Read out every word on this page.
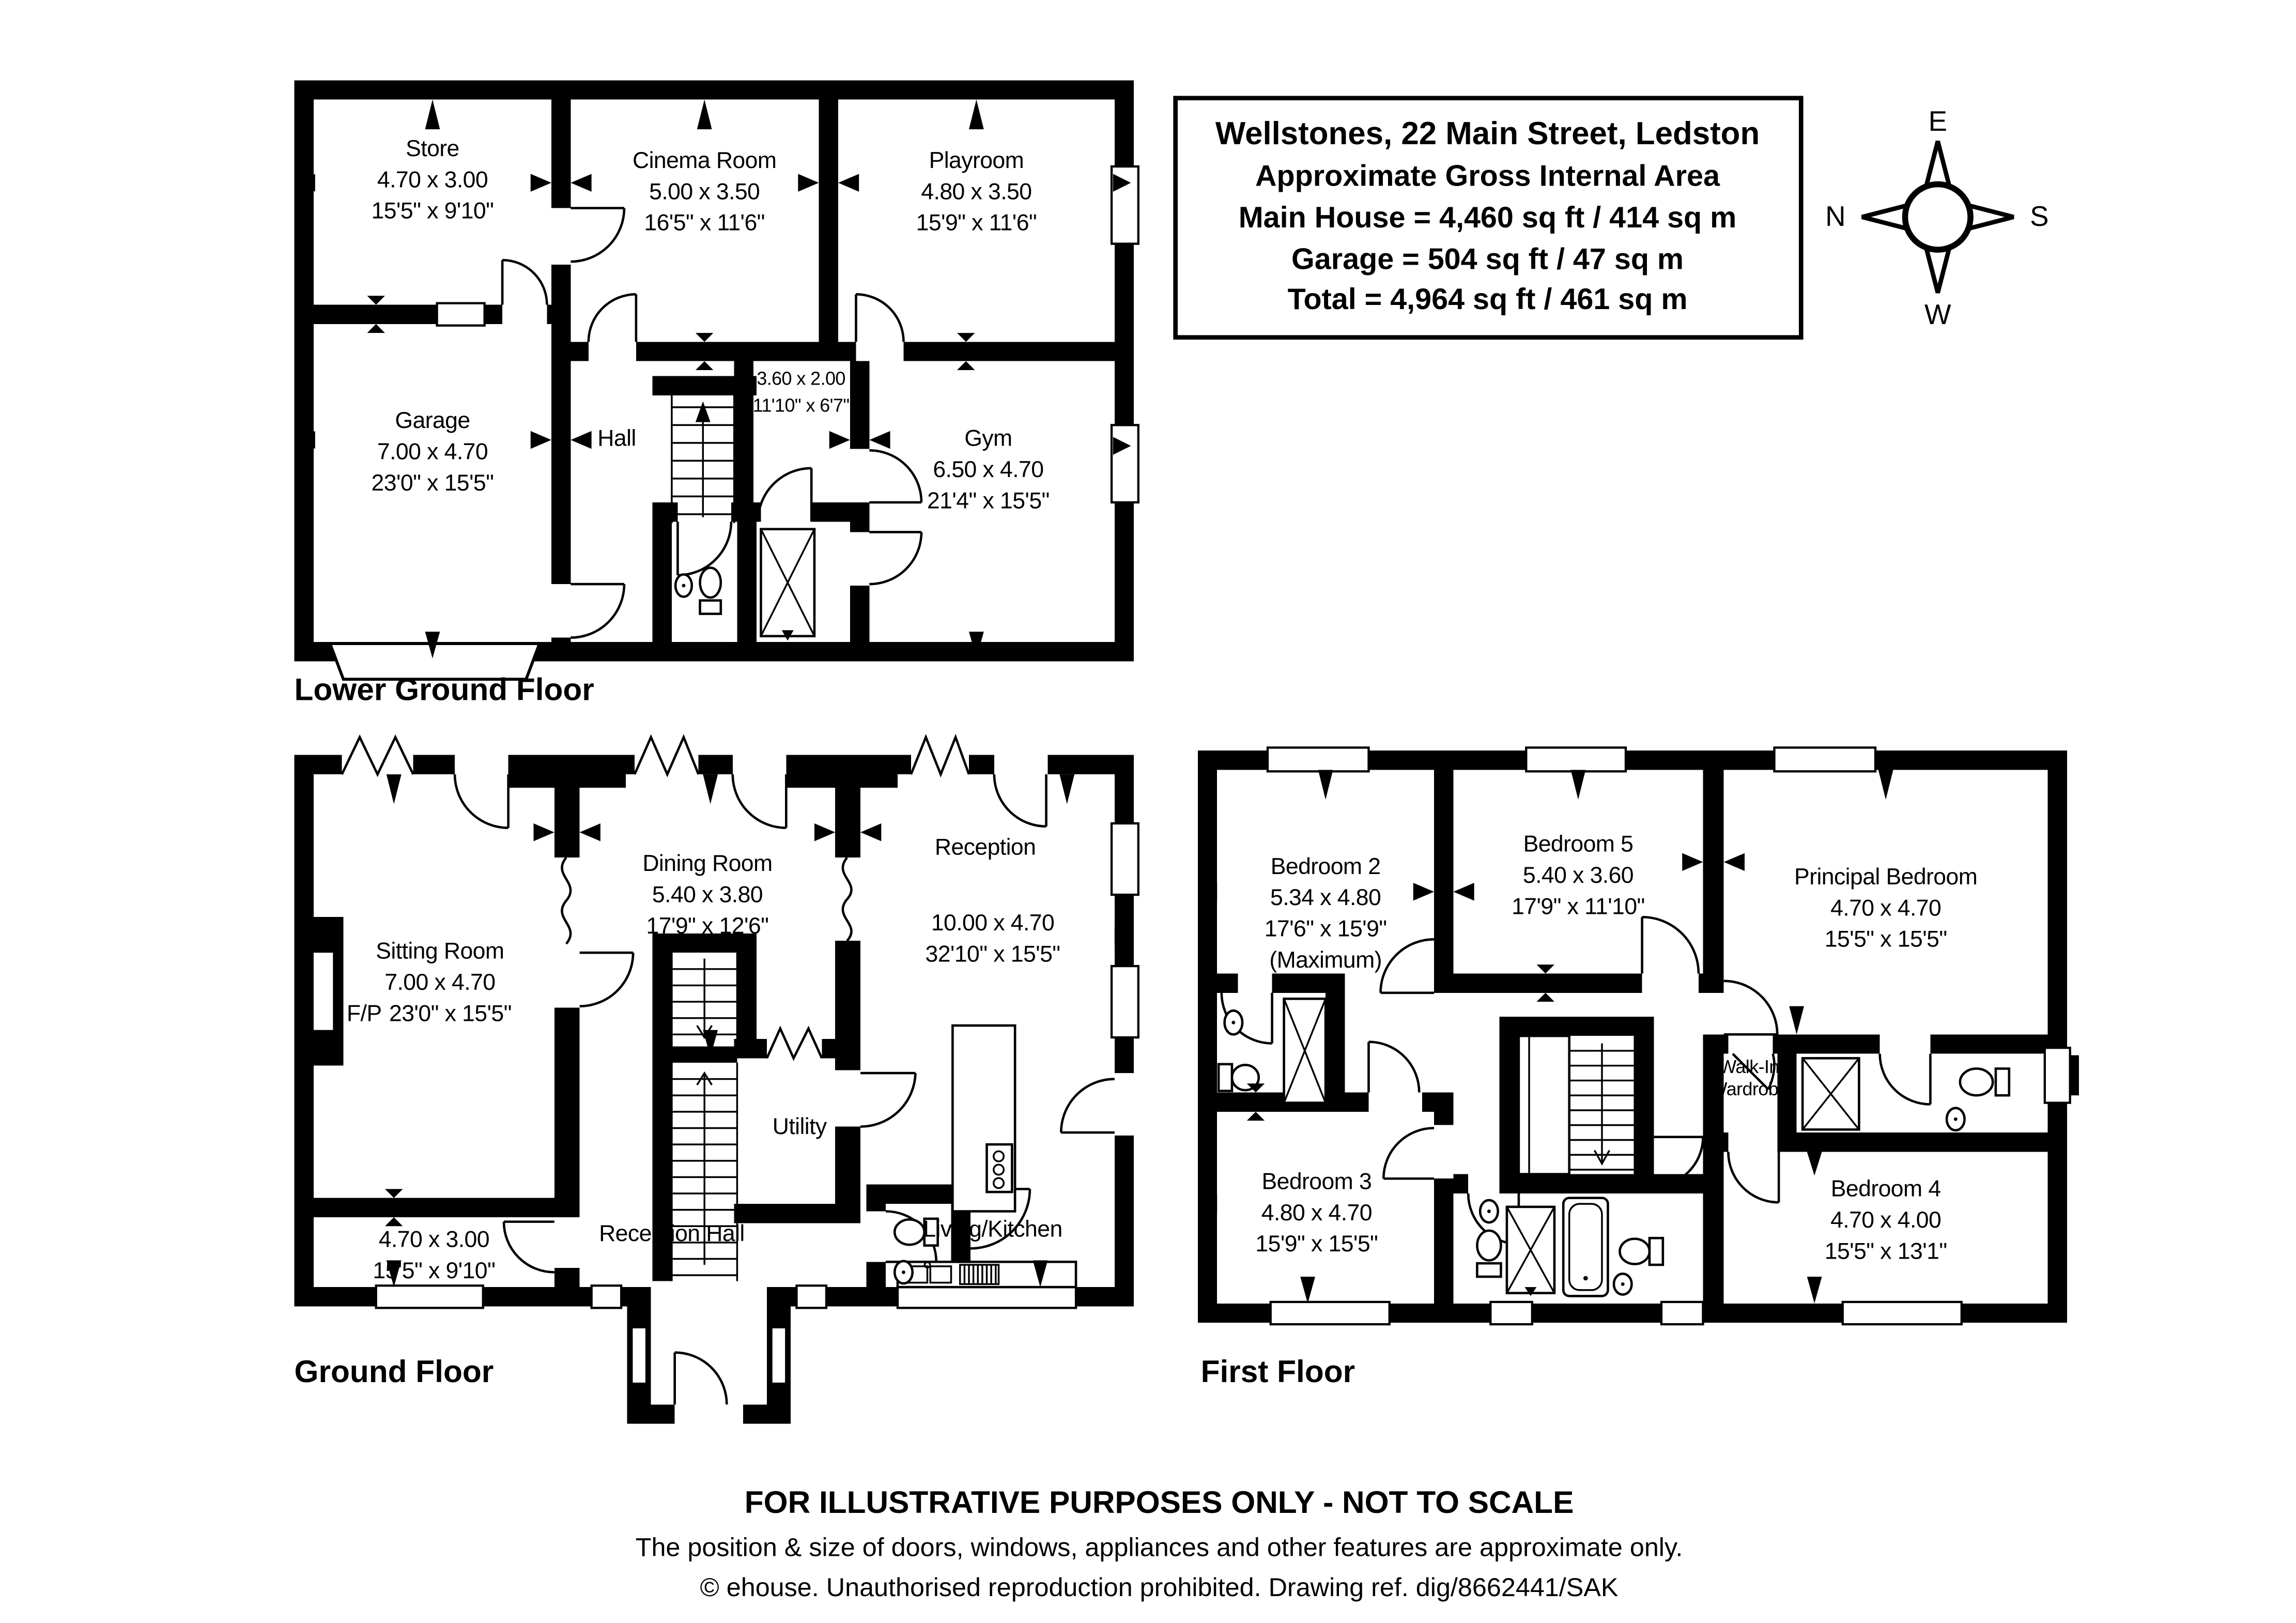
Wellstones, 22 Main Street, Ledston
Approximate Gross Internal Area
Main House = 4,460 sq ft / 414 sq m
Garage = 504 sq ft / 47 sq m
Total = 4,964 sq ft / 461 sq m
E
N	S
W
Store
4.70 x 3.00
15'5" x 9'10"
Cinema Room
5.00 x 3.50
16'5" x 11'6"
Playroom
4.80 x 3.50
15'9" x 11'6"
Garage
7.00 x 4.70
23'0" x 15'5"
Hall
Store
3.60 x 2.00
11'10" x 6'7"
Gym
6.50 x 4.70
21'4" x 15'5"
Lower Ground Floor
Sitting Room
7.00 x 4.70
23'0" x 15'5"
F/P
Dining Room
5.40 x 3.80
17'9" x 12'6"
Reception
10.00 x 4.70
32'10" x 15'5"
Utility
Office
4.70 x 3.00
15'5" x 9'10"
Reception Hall	Living/Kitchen
Ground Floor
Bedroom 2
5.34 x 4.80
17'6" x 15'9"
(Maximum)
Bedroom 5
5.40 x 3.60
17'9" x 11'10"
Principal Bedroom
4.70 x 4.70
15'5" x 15'5"
Walk-In
Wardrobe
Bedroom 3
4.80 x 4.70
15'9" x 15'5"
Bedroom 4
4.70 x 4.00
15'5" x 13'1"
First Floor
FOR ILLUSTRATIVE PURPOSES ONLY - NOT TO SCALE
The position & size of doors, windows, appliances and other features are approximate only.
© ehouse. Unauthorised reproduction prohibited. Drawing ref. dig/8662441/SAK
